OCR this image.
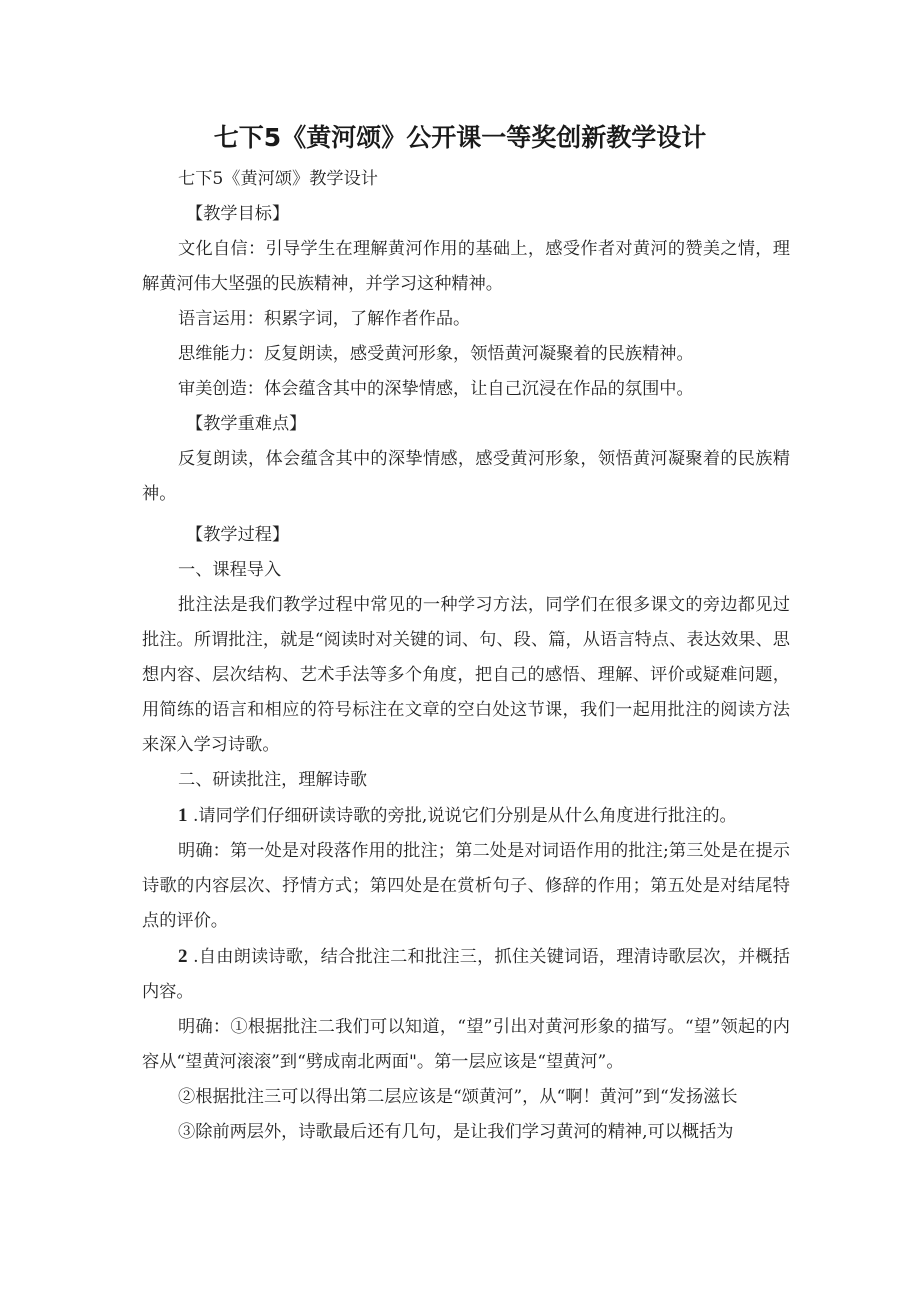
七下5《黄河颂》公开课一等奖创新教学设计

七下5《黄河颂》教学设计

【教学目标】

文化自信：引导学生在理解黄河作用的基础上，感受作者对黄河的赞美之情，理解黄河伟大坚强的民族精神，并学习这种精神。

语言运用：积累字词，了解作者作品。

思维能力：反复朗读，感受黄河形象，领悟黄河凝聚着的民族精神。

审美创造：体会蕴含其中的深挚情感，让自己沉浸在作品的氛围中。

【教学重难点】

反复朗读，体会蕴含其中的深挚情感，感受黄河形象，领悟黄河凝聚着的民族精神。

【教学过程】

一、课程导入

批注法是我们教学过程中常见的一种学习方法，同学们在很多课文的旁边都见过批注。所谓批注，就是“阅读时对关键的词、句、段、篇，从语言特点、表达效果、思想内容、层次结构、艺术手法等多个角度，把自己的感悟、理解、评价或疑难问题，用简练的语言和相应的符号标注在文章的空白处这节课，我们一起用批注的阅读方法来深入学习诗歌。

二、研读批注，理解诗歌

1 .请同学们仔细研读诗歌的旁批,说说它们分别是从什么角度进行批注的。

明确：第一处是对段落作用的批注；第二处是对词语作用的批注;第三处是在提示诗歌的内容层次、抒情方式；第四处是在赏析句子、修辞的作用；第五处是对结尾特点的评价。

2 .自由朗读诗歌，结合批注二和批注三，抓住关键词语，理清诗歌层次，并概括内容。

明确：①根据批注二我们可以知道，“望”引出对黄河形象的描写。“望”领起的内容从“望黄河滚滚”到“劈成南北两面"。第一层应该是“望黄河”。

②根据批注三可以得出第二层应该是“颂黄河”，从“啊！黄河”到“发扬滋长

③除前两层外，诗歌最后还有几句，是让我们学习黄河的精神,可以概括为
